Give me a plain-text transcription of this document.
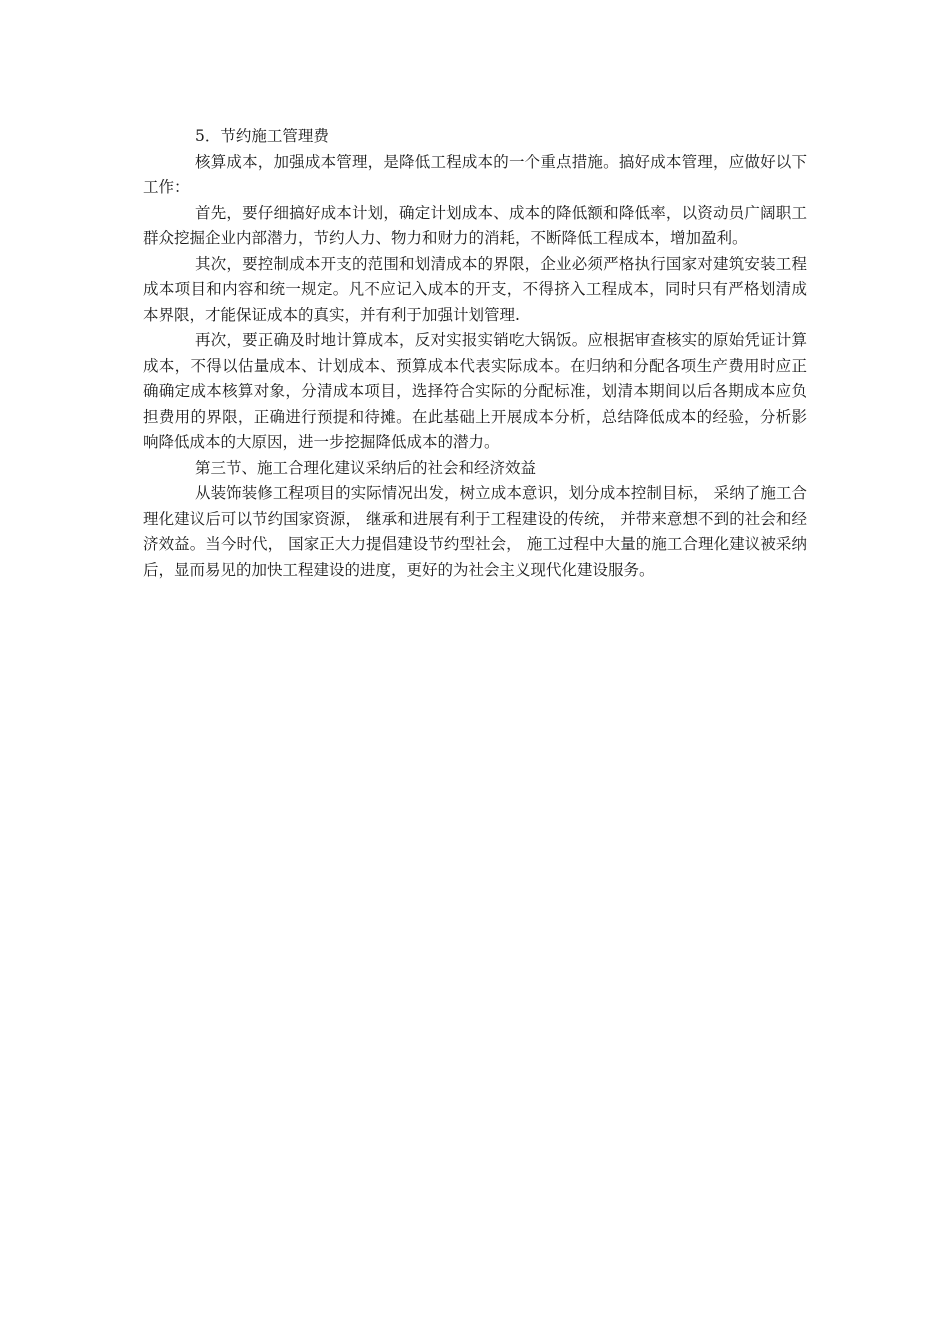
5．节约施工管理费

核算成本，加强成本管理，是降低工程成本的一个重点措施。搞好成本管理，应做好以下工作：

首先，要仔细搞好成本计划，确定计划成本、成本的降低额和降低率，以资动员广阔职工群众挖掘企业内部潜力，节约人力、物力和财力的消耗，不断降低工程成本，增加盈利。

其次，要控制成本开支的范围和划清成本的界限，企业必须严格执行国家对建筑安装工程成本项目和内容和统一规定。凡不应记入成本的开支，不得挤入工程成本，同时只有严格划清成本界限，才能保证成本的真实，并有利于加强计划管理.

再次，要正确及时地计算成本，反对实报实销吃大锅饭。应根据审查核实的原始凭证计算成本，不得以估量成本、计划成本、预算成本代表实际成本。在归纳和分配各项生产费用时应正确确定成本核算对象，分清成本项目，选择符合实际的分配标准，划清本期间以后各期成本应负担费用的界限，正确进行预提和待摊。在此基础上开展成本分析，总结降低成本的经验，分析影响降低成本的大原因，进一步挖掘降低成本的潜力。

第三节、施工合理化建议采纳后的社会和经济效益

从装饰装修工程项目的实际情况出发，树立成本意识，划分成本控制目标， 采纳了施工合理化建议后可以节约国家资源， 继承和进展有利于工程建设的传统， 并带来意想不到的社会和经济效益。当今时代， 国家正大力提倡建设节约型社会， 施工过程中大量的施工合理化建议被采纳后，显而易见的加快工程建设的进度，更好的为社会主义现代化建设服务。
